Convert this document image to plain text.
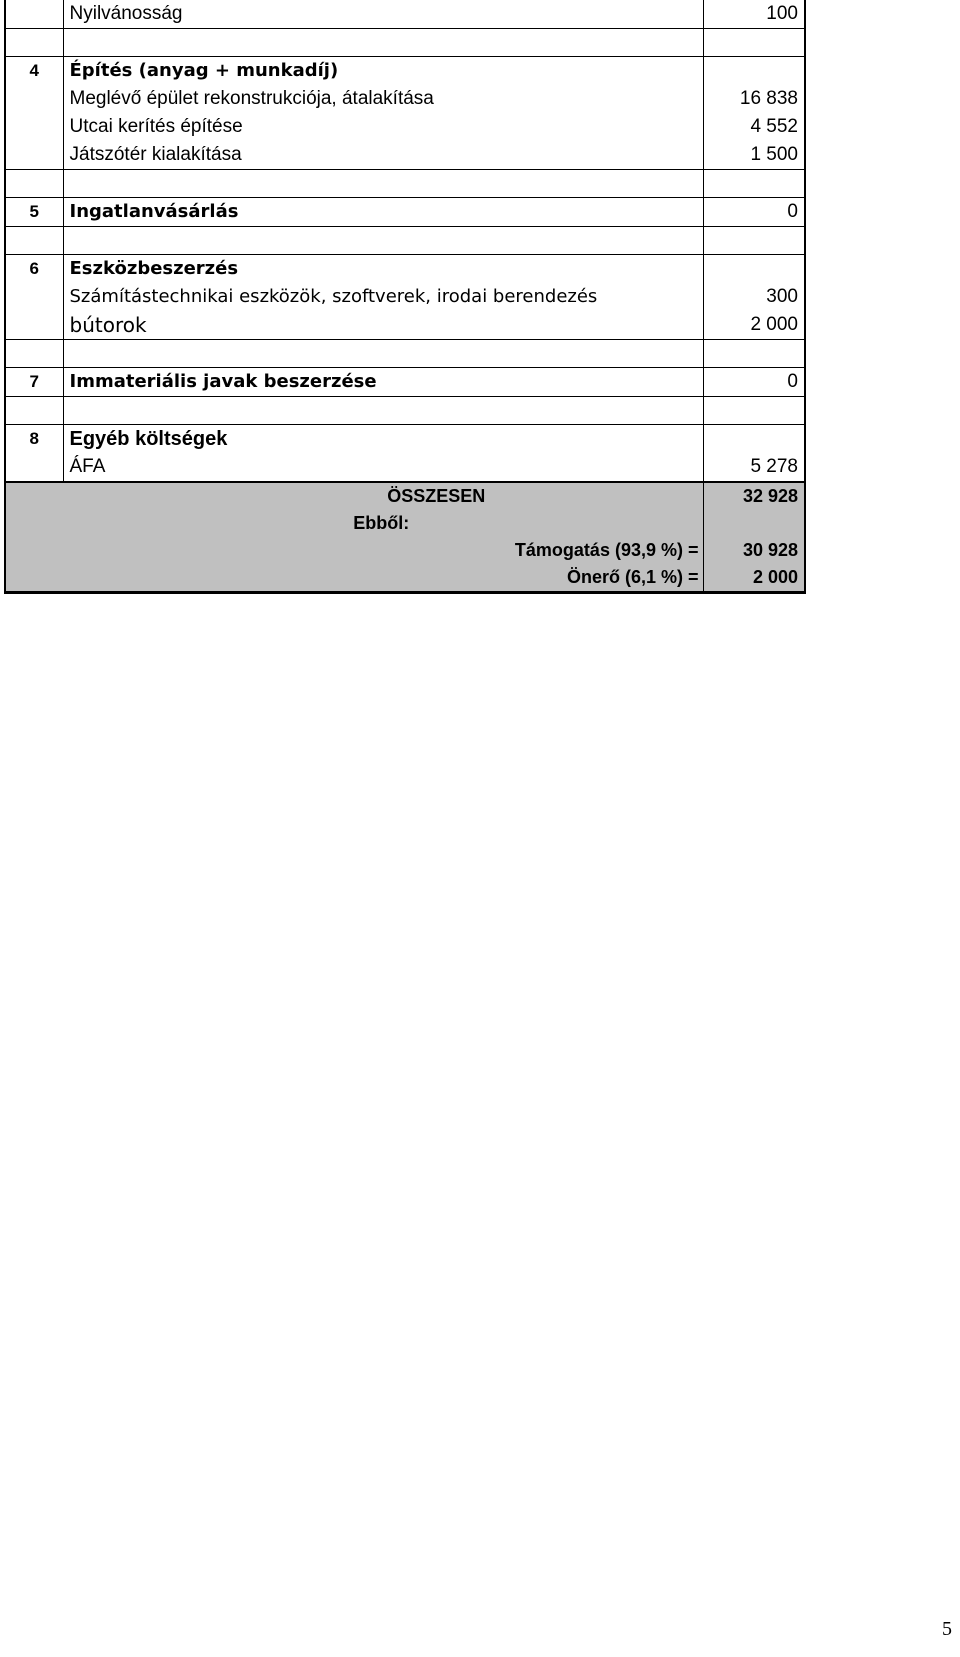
	Nyilvánosság	100

4	Építés (anyag + munkadíj)	
	Meglévő épület rekonstrukciója, átalakítása	16 838
	Utcai kerítés építése	4 552
	Játszótér kialakítása	1 500

5	Ingatlanvásárlás	0

6	Eszközbeszerzés	
	Számítástechnikai eszközök, szoftverek, irodai berendezés	300
	bútorok	2 000

7	Immateriális javak beszerzése	0

8	Egyéb költségek	
	ÁFA	5 278
ÖSSZESEN		32 928
Ebből:		
Támogatás (93,9 %) =		30 928
Önerő (6,1 %) =		2 000
5
